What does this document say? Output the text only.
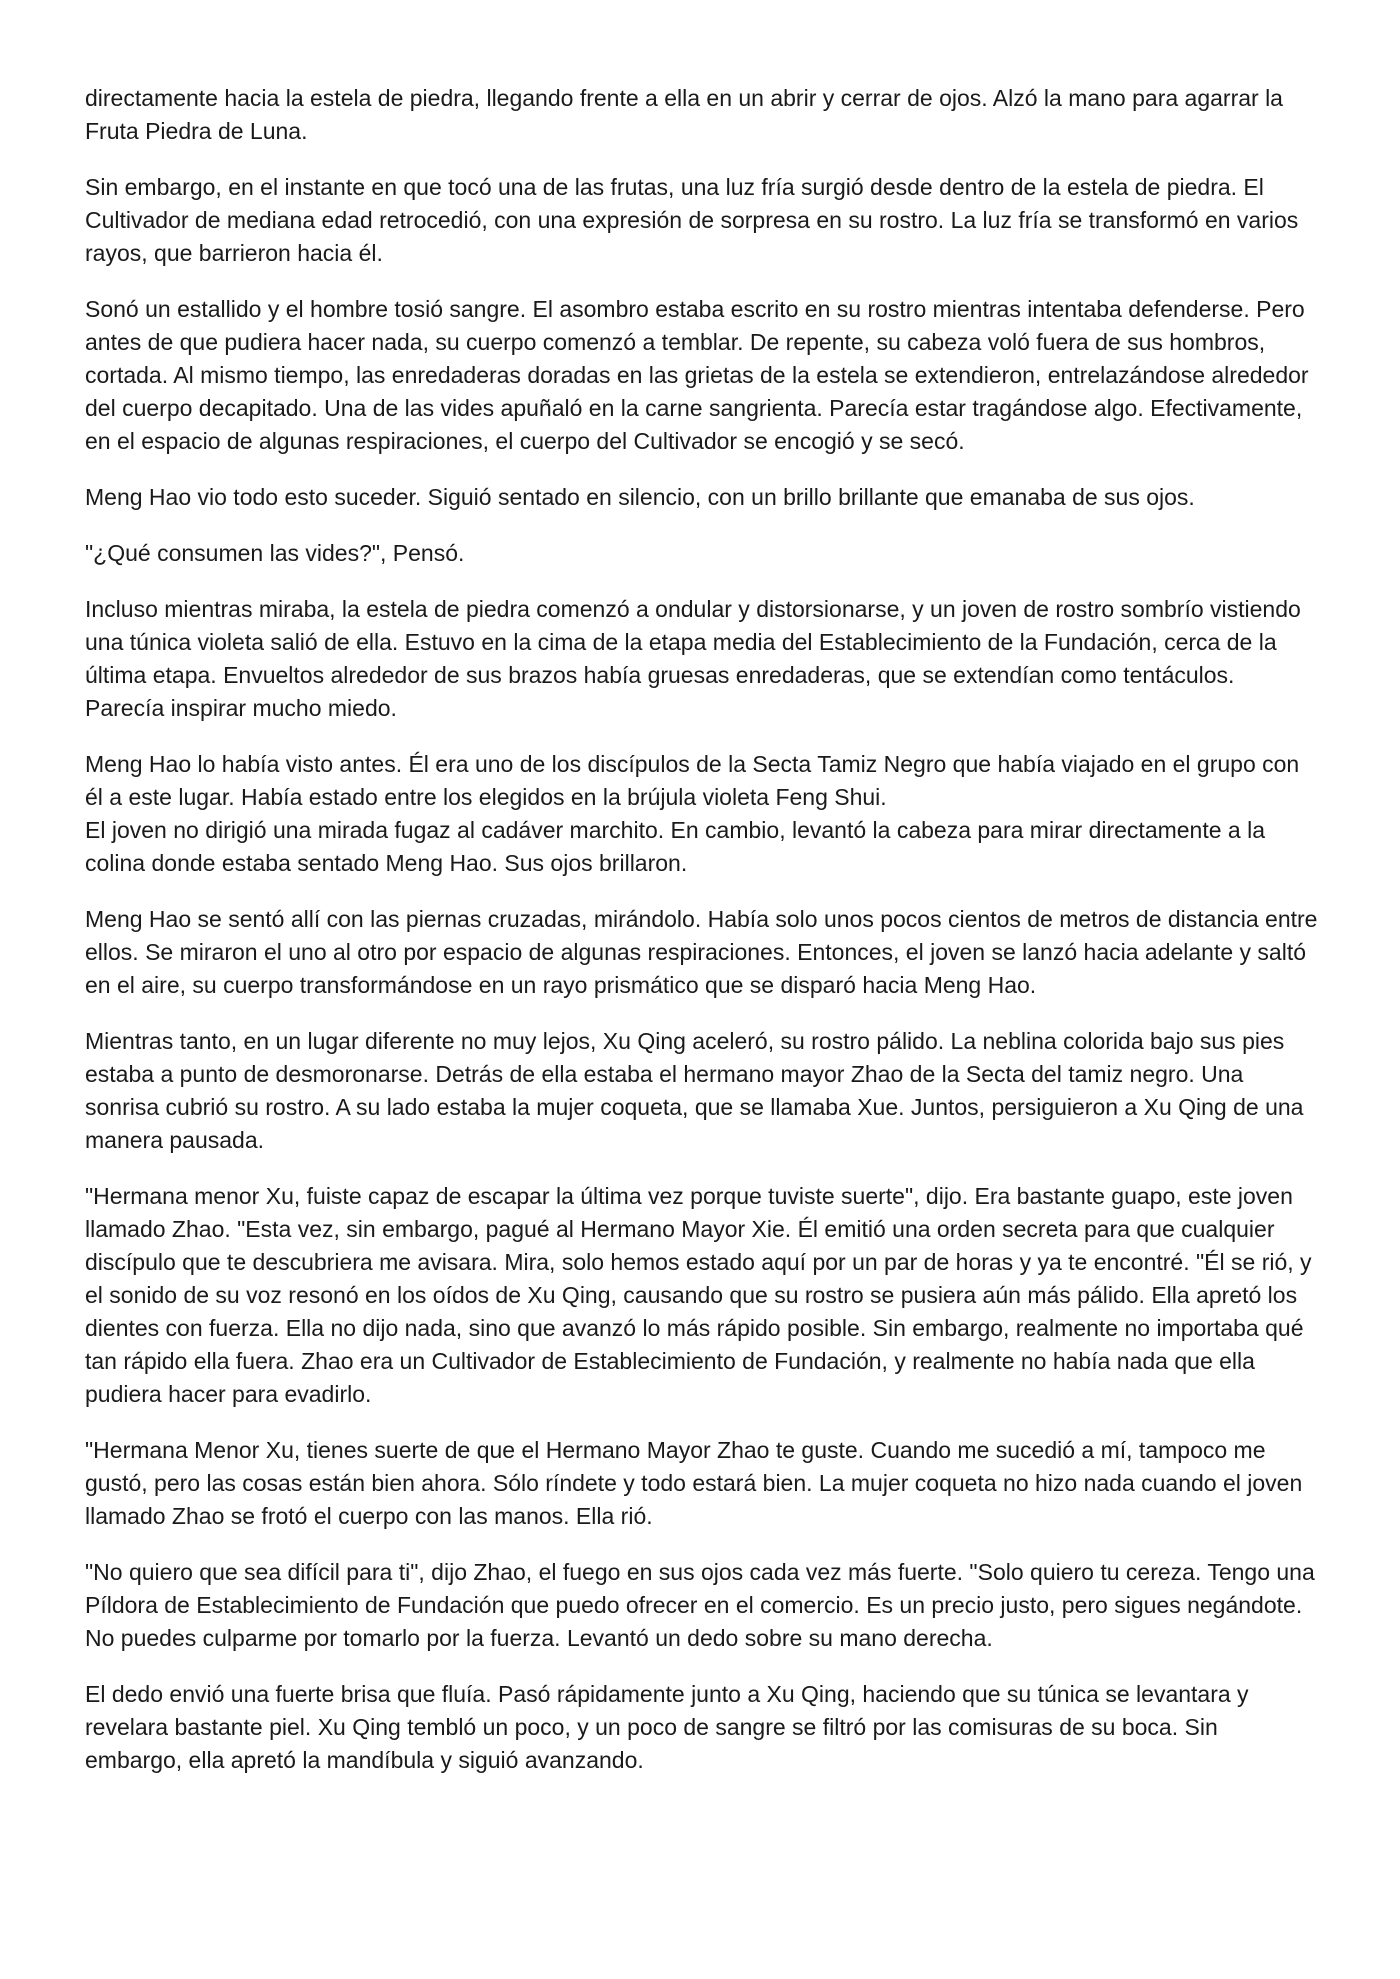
directamente hacia la estela de piedra, llegando frente a ella en un abrir y cerrar de ojos. Alzó la mano para agarrar la Fruta Piedra de Luna.

Sin embargo, en el instante en que tocó una de las frutas, una luz fría surgió desde dentro de la estela de piedra. El Cultivador de mediana edad retrocedió, con una expresión de sorpresa en su rostro. La luz fría se transformó en varios rayos, que barrieron hacia él.

Sonó un estallido y el hombre tosió sangre. El asombro estaba escrito en su rostro mientras intentaba defenderse. Pero antes de que pudiera hacer nada, su cuerpo comenzó a temblar. De repente, su cabeza voló fuera de sus hombros, cortada. Al mismo tiempo, las enredaderas doradas en las grietas de la estela se extendieron, entrelazándose alrededor del cuerpo decapitado. Una de las vides apuñaló en la carne sangrienta. Parecía estar tragándose algo. Efectivamente, en el espacio de algunas respiraciones, el cuerpo del Cultivador se encogió y se secó.

Meng Hao vio todo esto suceder. Siguió sentado en silencio, con un brillo brillante que emanaba de sus ojos.

"¿Qué consumen las vides?", Pensó.

Incluso mientras miraba, la estela de piedra comenzó a ondular y distorsionarse, y un joven de rostro sombrío vistiendo una túnica violeta salió de ella. Estuvo en la cima de la etapa media del Establecimiento de la Fundación, cerca de la última etapa. Envueltos alrededor de sus brazos había gruesas enredaderas, que se extendían como tentáculos. Parecía inspirar mucho miedo.

Meng Hao lo había visto antes. Él era uno de los discípulos de la Secta Tamiz Negro que había viajado en el grupo con él a este lugar. Había estado entre los elegidos en la brújula violeta Feng Shui.

El joven no dirigió una mirada fugaz al cadáver marchito. En cambio, levantó la cabeza para mirar directamente a la colina donde estaba sentado Meng Hao. Sus ojos brillaron.

Meng Hao se sentó allí con las piernas cruzadas, mirándolo. Había solo unos pocos cientos de metros de distancia entre ellos. Se miraron el uno al otro por espacio de algunas respiraciones. Entonces, el joven se lanzó hacia adelante y saltó en el aire, su cuerpo transformándose en un rayo prismático que se disparó hacia Meng Hao.

Mientras tanto, en un lugar diferente no muy lejos, Xu Qing aceleró, su rostro pálido. La neblina colorida bajo sus pies estaba a punto de desmoronarse. Detrás de ella estaba el hermano mayor Zhao de la Secta del tamiz negro. Una sonrisa cubrió su rostro. A su lado estaba la mujer coqueta, que se llamaba Xue. Juntos, persiguieron a Xu Qing de una manera pausada.

"Hermana menor Xu, fuiste capaz de escapar la última vez porque tuviste suerte", dijo. Era bastante guapo, este joven llamado Zhao. "Esta vez, sin embargo, pagué al Hermano Mayor Xie. Él emitió una orden secreta para que cualquier discípulo que te descubriera me avisara. Mira, solo hemos estado aquí por un par de horas y ya te encontré. "Él se rió, y el sonido de su voz resonó en los oídos de Xu Qing, causando que su rostro se pusiera aún más pálido. Ella apretó los dientes con fuerza. Ella no dijo nada, sino que avanzó lo más rápido posible. Sin embargo, realmente no importaba qué tan rápido ella fuera. Zhao era un Cultivador de Establecimiento de Fundación, y realmente no había nada que ella pudiera hacer para evadirlo.

"Hermana Menor Xu, tienes suerte de que el Hermano Mayor Zhao te guste. Cuando me sucedió a mí, tampoco me gustó, pero las cosas están bien ahora. Sólo ríndete y todo estará bien. La mujer coqueta no hizo nada cuando el joven llamado Zhao se frotó el cuerpo con las manos. Ella rió.

"No quiero que sea difícil para ti", dijo Zhao, el fuego en sus ojos cada vez más fuerte. "Solo quiero tu cereza. Tengo una Píldora de Establecimiento de Fundación que puedo ofrecer en el comercio. Es un precio justo, pero sigues negándote. No puedes culparme por tomarlo por la fuerza. Levantó un dedo sobre su mano derecha.

El dedo envió una fuerte brisa que fluía. Pasó rápidamente junto a Xu Qing, haciendo que su túnica se levantara y revelara bastante piel. Xu Qing tembló un poco, y un poco de sangre se filtró por las comisuras de su boca. Sin embargo, ella apretó la mandíbula y siguió avanzando.
